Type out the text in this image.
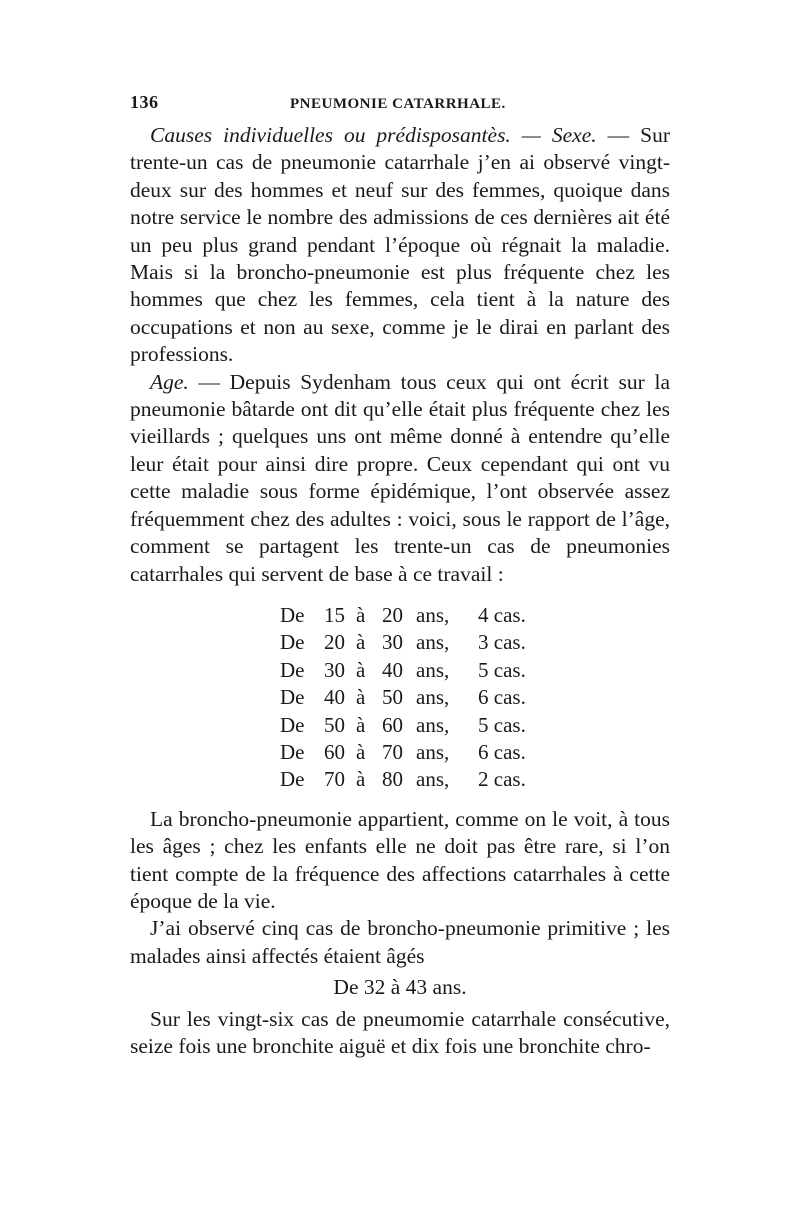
136	PNEUMONIE CATARRHALE.

Causes individuelles ou prédisposantès. — Sexe. — Sur trente-un cas de pneumonie catarrhale j’en ai observé vingt-deux sur des hommes et neuf sur des femmes, quoique dans notre service le nombre des admissions de ces dernières ait été un peu plus grand pendant l’époque où régnait la maladie. Mais si la broncho-pneumonie est plus fréquente chez les hommes que chez les femmes, cela tient à la nature des occupations et non au sexe, comme je le dirai en parlant des professions.

Age. — Depuis Sydenham tous ceux qui ont écrit sur la pneumonie bâtarde ont dit qu’elle était plus fréquente chez les vieillards ; quelques uns ont même donné à entendre qu’elle leur était pour ainsi dire propre. Ceux cependant qui ont vu cette maladie sous forme épidémique, l’ont observée assez fréquemment chez des adultes : voici, sous le rapport de l’âge, comment se partagent les trente-un cas de pneumonies catarrhales qui servent de base à ce travail :

De 15 à 20 ans,	4 cas.
De 20 à 30 ans,	3 cas.
De 30 à 40 ans,	5 cas.
De 40 à 50 ans,	6 cas.
De 50 à 60 ans,	5 cas.
De 60 à 70 ans,	6 cas.
De 70 à 80 ans,	2 cas.

La broncho-pneumonie appartient, comme on le voit, à tous les âges ; chez les enfants elle ne doit pas être rare, si l’on tient compte de la fréquence des affections catarrhales à cette époque de la vie.

J’ai observé cinq cas de broncho-pneumonie primitive ; les malades ainsi affectés étaient âgés

De 32 à 43 ans.

Sur les vingt-six cas de pneumomie catarrhale consécutive, seize fois une bronchite aiguë et dix fois une bronchite chro-
